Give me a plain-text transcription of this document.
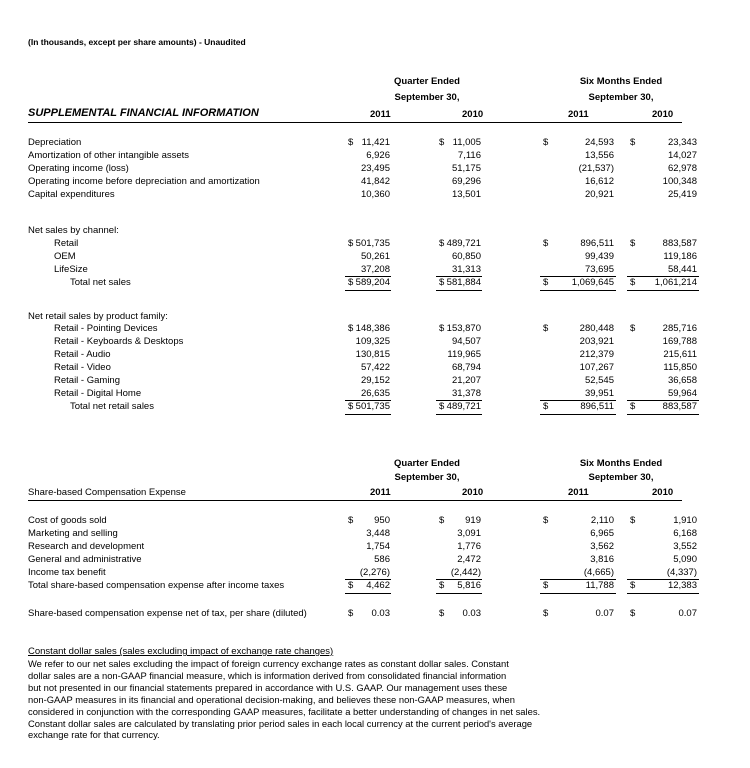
(In thousands, except per share amounts) - Unaudited
Quarter Ended
September 30,
Six Months Ended
September 30,
SUPPLEMENTAL FINANCIAL INFORMATION	2011	2010	2011	2010
Depreciation	$ 11,421	$ 11,005	$	24,593 $	23,343
Amortization of other intangible assets	6,926	7,116	13,556	14,027
Operating income (loss)	23,495	51,175	(21,537)	62,978
Operating income before depreciation and amortization	41,842	69,296	16,612	100,348
Capital expenditures	10,360	13,501	20,921	25,419
Net sales by channel:
Retail	$ 501,735	$ 489,721	$	896,511 $	883,587
OEM	50,261	60,850	99,439	119,186
LifeSize	37,208	31,313	73,695	58,441
Total net sales	$ 589,204	$ 581,884	$ 1,069,645 $ 1,061,214
Net retail sales by product family:
Retail - Pointing Devices	$ 148,386	$ 153,870	$	280,448 $	285,716
Retail - Keyboards & Desktops	109,325	94,507	203,921	169,788
Retail - Audio	130,815	119,965	212,379	215,611
Retail - Video	57,422	68,794	107,267	115,850
Retail - Gaming	29,152	21,207	52,545	36,658
Retail - Digital Home	26,635	31,378	39,951	59,964
Total net retail sales	$ 501,735	$ 489,721	$	896,511 $	883,587
Quarter Ended
September 30,
Six Months Ended
September 30,
Share-based Compensation Expense	2011	2010	2011	2010
Cost of goods sold	$ 950	$ 919	$	2,110 $	1,910
Marketing and selling	3,448	3,091	6,965	6,168
Research and development	1,754	1,776	3,562	3,552
General and administrative	586	2,472	3,816	5,090
Income tax benefit	(2,276)	(2,442)	(4,665)	(4,337)
Total share-based compensation expense after income taxes	$ 4,462	$ 5,816	$	11,788 $	12,383
Share-based compensation expense net of tax, per share (diluted)	$ 0.03	$ 0.03	$	0.07 $	0.07
Constant dollar sales (sales excluding impact of exchange rate changes)
We refer to our net sales excluding the impact of foreign currency exchange rates as constant dollar sales. Constant
dollar sales are a non-GAAP financial measure, which is information derived from consolidated financial information
but not presented in our financial statements prepared in accordance with U.S. GAAP. Our management uses these
non-GAAP measures in its financial and operational decision-making, and believes these non-GAAP measures, when
considered in conjunction with the corresponding GAAP measures, facilitate a better understanding of changes in net sales.
Constant dollar sales are calculated by translating prior period sales in each local currency at the current period's average
exchange rate for that currency.
